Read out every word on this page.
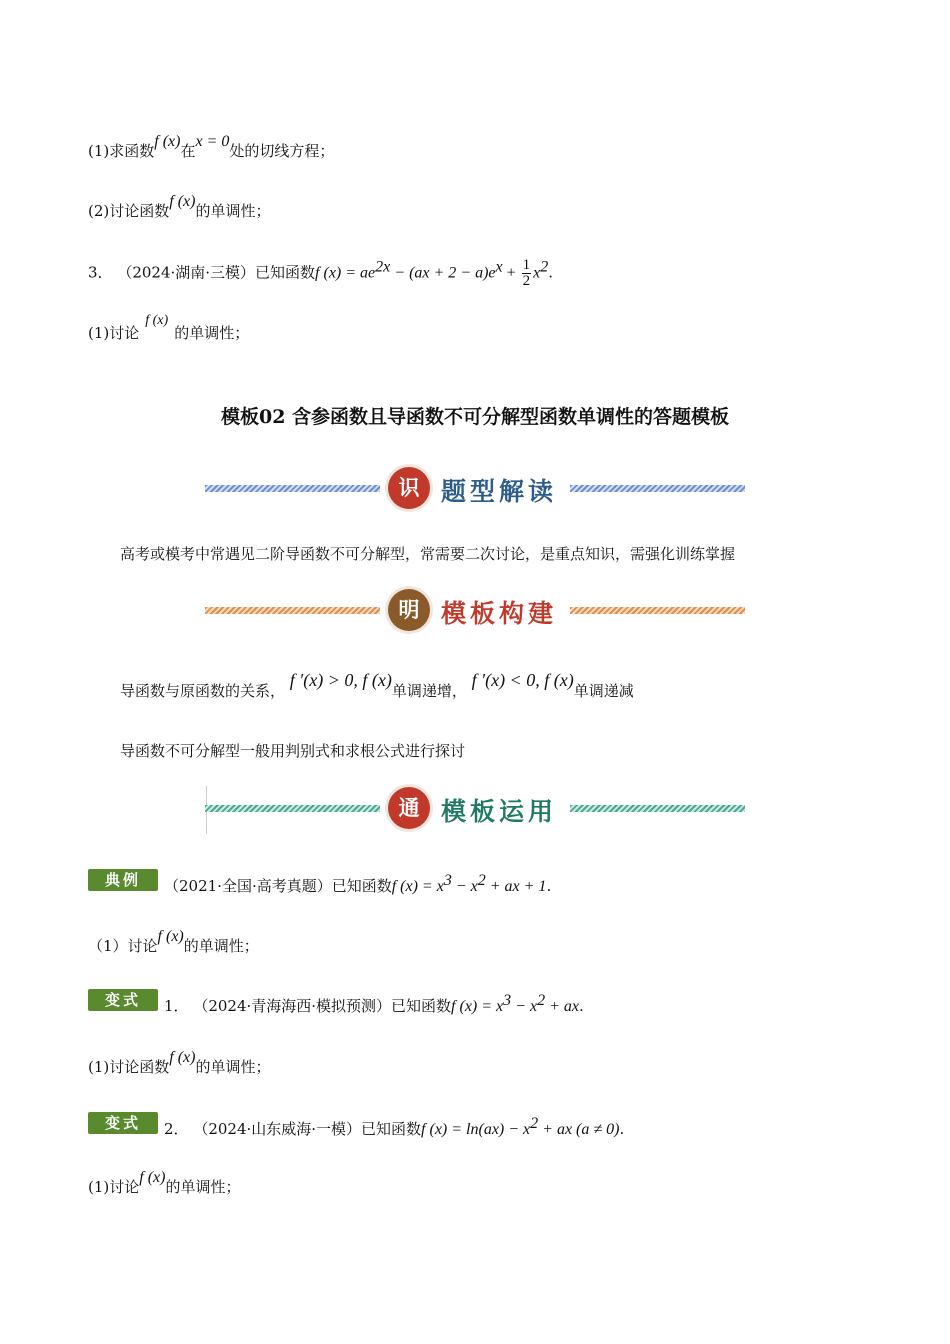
(1)求函数f (x)在x = 0处的切线方程；
(2)讨论函数f (x)的单调性；
3． （2024·湖南·三模）已知函数f $(x) = ae^{2x} - (ax + 2 - a)e^x + \frac{1}{2} x^2$.
(1)讨论f (x)的单调性；
模板02 含参函数且导函数不可分解型函数单调性的答题模板
识 题型解读
高考或模考中常遇见二阶导函数不可分解型，常需要二次讨论，是重点知识，需强化训练掌握
明 模板构建
导函数与原函数的关系， f ′(x) > 0, f (x)单调递增， f ′(x) < 0, f (x)单调递减
导函数不可分解型一般用判别式和求根公式进行探讨
通 模板运用
典例 （2021·全国·高考真题）已知函数f $(x) = x^3 - x^2$ + ax + 1.
（1）讨论f (x)的单调性；
变式 1． （2024·青海海西·模拟预测）已知函数f $(x) = x^3 - x^2$ + ax.
(1)讨论函数f (x)的单调性；
变式 2． （2024·山东威海·一模）已知函数f $(x) = \ln(ax) - x^2$ + ax (a ≠ 0).
(1)讨论f (x)的单调性；
